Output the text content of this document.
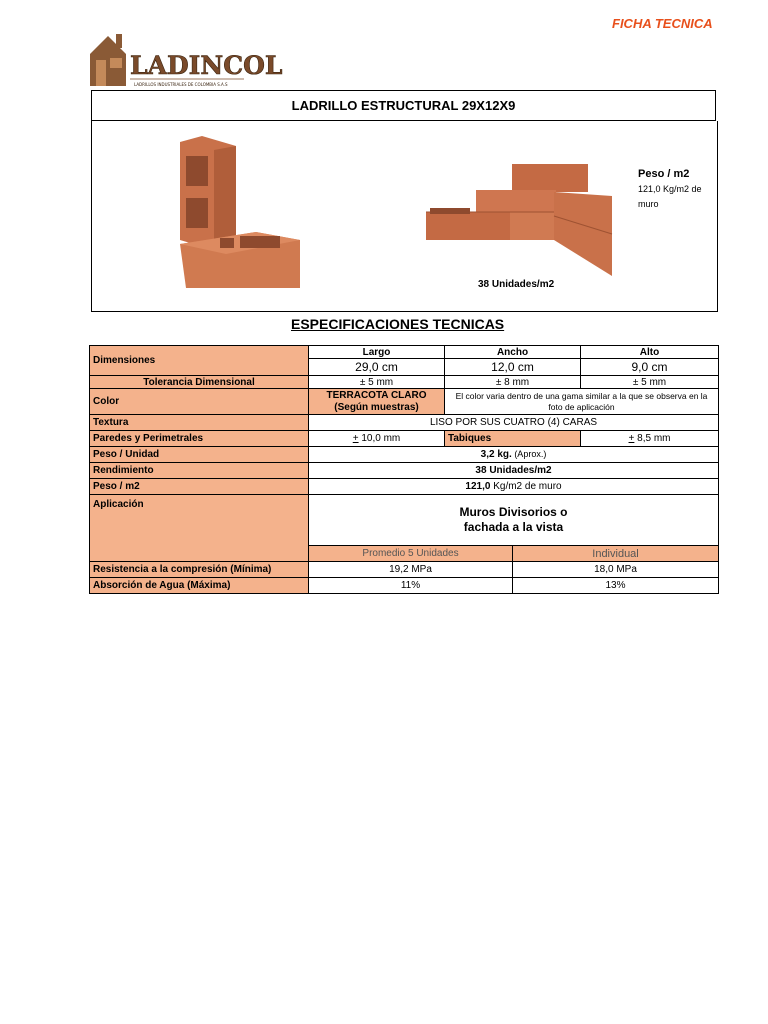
FICHA TECNICA
LADINCOL
LADRILLOS INDUSTRIALES DE COLOMBIA S.A.S
LADRILLO ESTRUCTURAL 29X12X9
Peso / m2
121,0 Kg/m2 de muro
38 Unidades/m2
ESPECIFICACIONES TECNICAS
Dimensiones	Largo	Ancho		Alto
	29,0 cm	12,0 cm		9,0 cm
Tolerancia Dimensional	± 5 mm	± 8 mm		± 5 mm
Color	TERRACOTA CLARO
(Según muestras)	El color varia dentro de una gama similar a la que se observa en la foto de aplicación		
Textura	LISO POR SUS CUATRO (4) CARAS			
Paredes y Perimetrales	+ 10,0 mm	Tabiques		+ 8,5 mm
Peso / Unidad	3,2 kg. (Aprox.)			
Rendimiento	38 Unidades/m2			
Peso / m2	121,0 Kg/m2 de muro			
Aplicación	Muros Divisorios o fachada a la vista			

	Promedio 5 Unidades		Individual	
Resistencia a la compresión (Mínima)	19,2 MPa		18,0 MPa	
Absorción de Agua (Máxima)	11%		13%	
